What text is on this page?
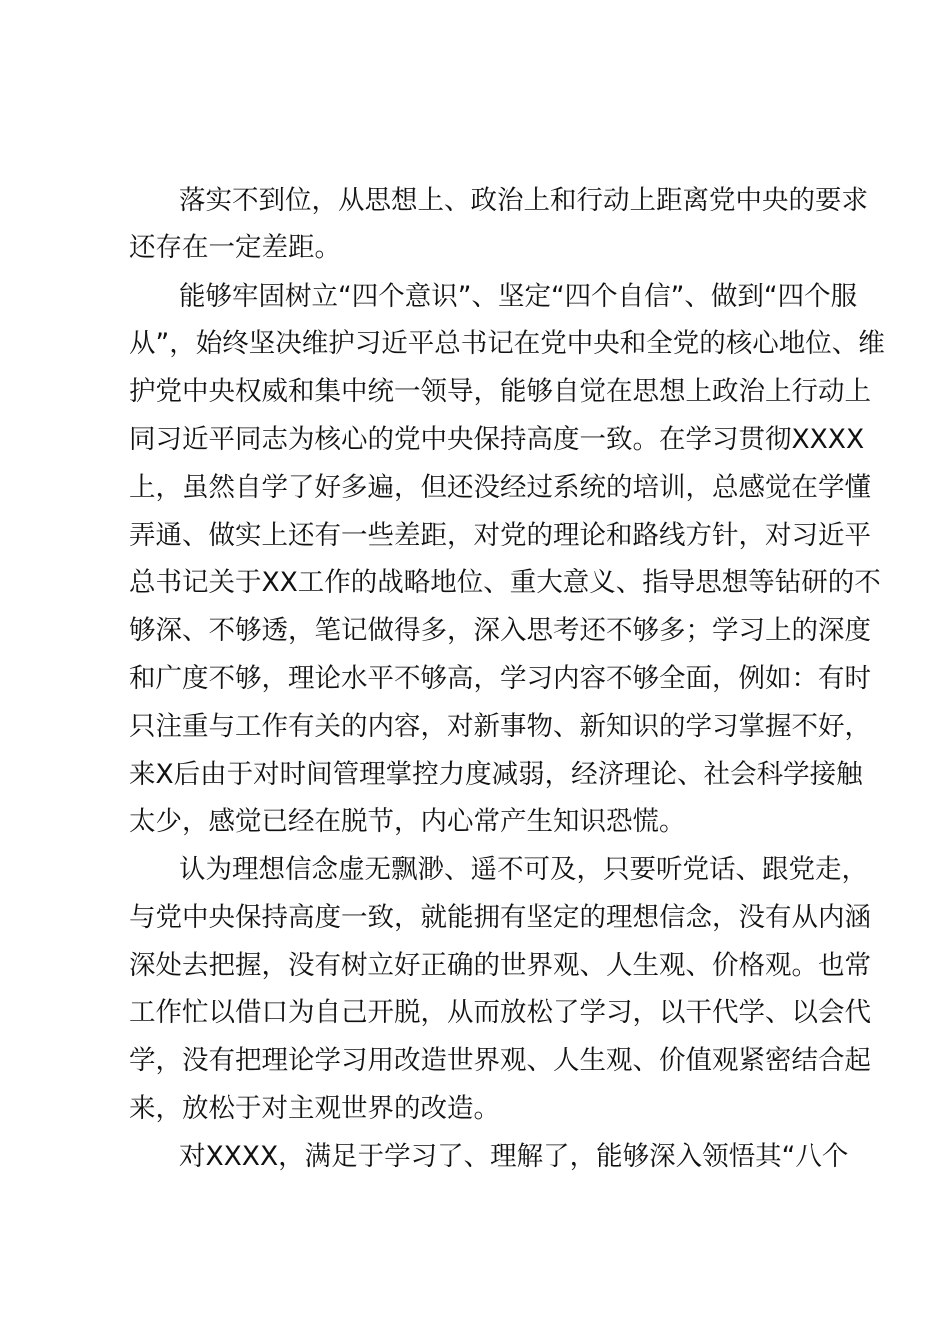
落实不到位，从思想上、政治上和行动上距离党中央的要求
还存在一定差距。
能够牢固树立“四个意识”、坚定“四个自信”、做到“四个服
从”，始终坚决维护习近平总书记在党中央和全党的核心地位、维
护党中央权威和集中统一领导，能够自觉在思想上政治上行动上
同习近平同志为核心的党中央保持高度一致。在学习贯彻XXXX
上，虽然自学了好多遍，但还没经过系统的培训，总感觉在学懂
弄通、做实上还有一些差距，对党的理论和路线方针，对习近平
总书记关于XX工作的战略地位、重大意义、指导思想等钻研的不
够深、不够透，笔记做得多，深入思考还不够多；学习上的深度
和广度不够，理论水平不够高，学习内容不够全面，例如：有时
只注重与工作有关的内容，对新事物、新知识的学习掌握不好，
来X后由于对时间管理掌控力度减弱，经济理论、社会科学接触
太少，感觉已经在脱节，内心常产生知识恐慌。
认为理想信念虚无飘渺、遥不可及，只要听党话、跟党走，
与党中央保持高度一致，就能拥有坚定的理想信念，没有从内涵
深处去把握，没有树立好正确的世界观、人生观、价格观。也常
工作忙以借口为自己开脱，从而放松了学习，以干代学、以会代
学，没有把理论学习用改造世界观、人生观、价值观紧密结合起
来，放松于对主观世界的改造。
对XXXX，满足于学习了、理解了，能够深入领悟其“八个
